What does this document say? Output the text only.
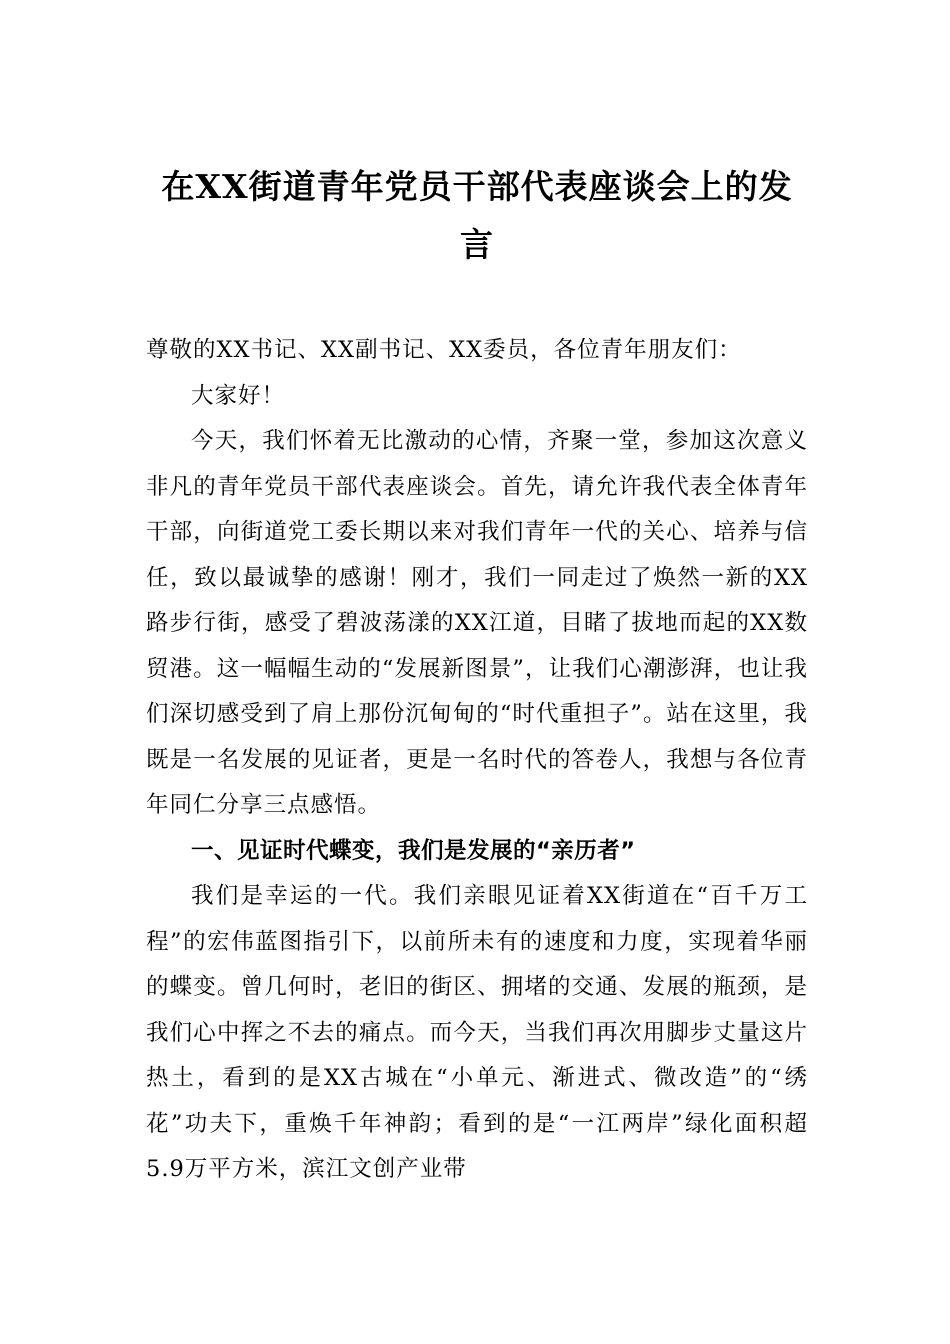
在XX街道青年党员干部代表座谈会上的发言

尊敬的XX书记、XX副书记、XX委员，各位青年朋友们：

大家好！

今天，我们怀着无比激动的心情，齐聚一堂，参加这次意义非凡的青年党员干部代表座谈会。首先，请允许我代表全体青年干部，向街道党工委长期以来对我们青年一代的关心、培养与信任，致以最诚挚的感谢！刚才，我们一同走过了焕然一新的XX路步行街，感受了碧波荡漾的XX江道，目睹了拔地而起的XX数贸港。这一幅幅生动的“发展新图景”，让我们心潮澎湃，也让我们深切感受到了肩上那份沉甸甸的“时代重担子”。站在这里，我既是一名发展的见证者，更是一名时代的答卷人，我想与各位青年同仁分享三点感悟。

一、见证时代蝶变，我们是发展的“亲历者”

我们是幸运的一代。我们亲眼见证着XX街道在“百千万工程”的宏伟蓝图指引下，以前所未有的速度和力度，实现着华丽的蝶变。曾几何时，老旧的街区、拥堵的交通、发展的瓶颈，是我们心中挥之不去的痛点。而今天，当我们再次用脚步丈量这片热土，看到的是XX古城在“小单元、渐进式、微改造”的“绣花”功夫下，重焕千年神韵；看到的是“一江两岸”绿化面积超5.9万平方米，滨江文创产业带
